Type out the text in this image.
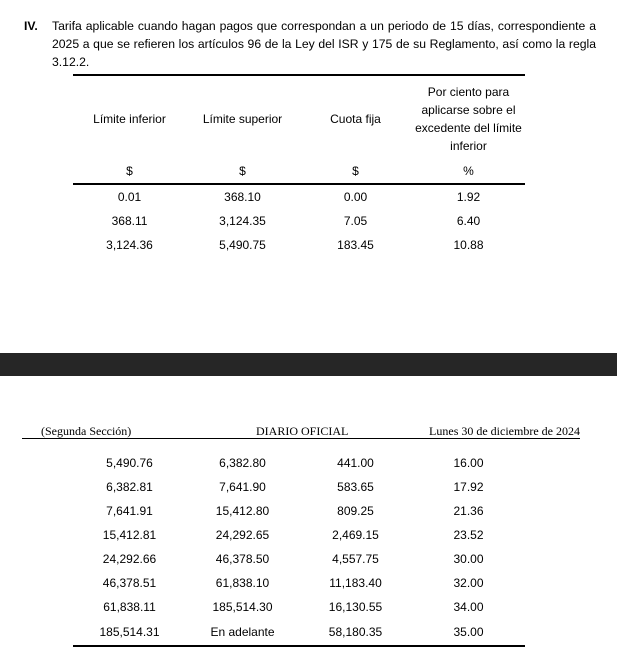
IV. Tarifa aplicable cuando hagan pagos que correspondan a un periodo de 15 días, correspondiente a 2025 a que se refieren los artículos 96 de la Ley del ISR y 175 de su Reglamento, así como la regla 3.12.2.
Límite inferior	Límite superior	Cuota fija	Por ciento para aplicarse sobre el excedente del límite inferior
$	$	$	%
0.01	368.10	0.00	1.92
368.11	3,124.35	7.05	6.40
3,124.36	5,490.75	183.45	10.88
(Segunda Sección)	DIARIO OFICIAL	Lunes 30 de diciembre de 2024
5,490.76	6,382.80	441.00	16.00
6,382.81	7,641.90	583.65	17.92
7,641.91	15,412.80	809.25	21.36
15,412.81	24,292.65	2,469.15	23.52
24,292.66	46,378.50	4,557.75	30.00
46,378.51	61,838.10	11,183.40	32.00
61,838.11	185,514.30	16,130.55	34.00
185,514.31	En adelante	58,180.35	35.00
